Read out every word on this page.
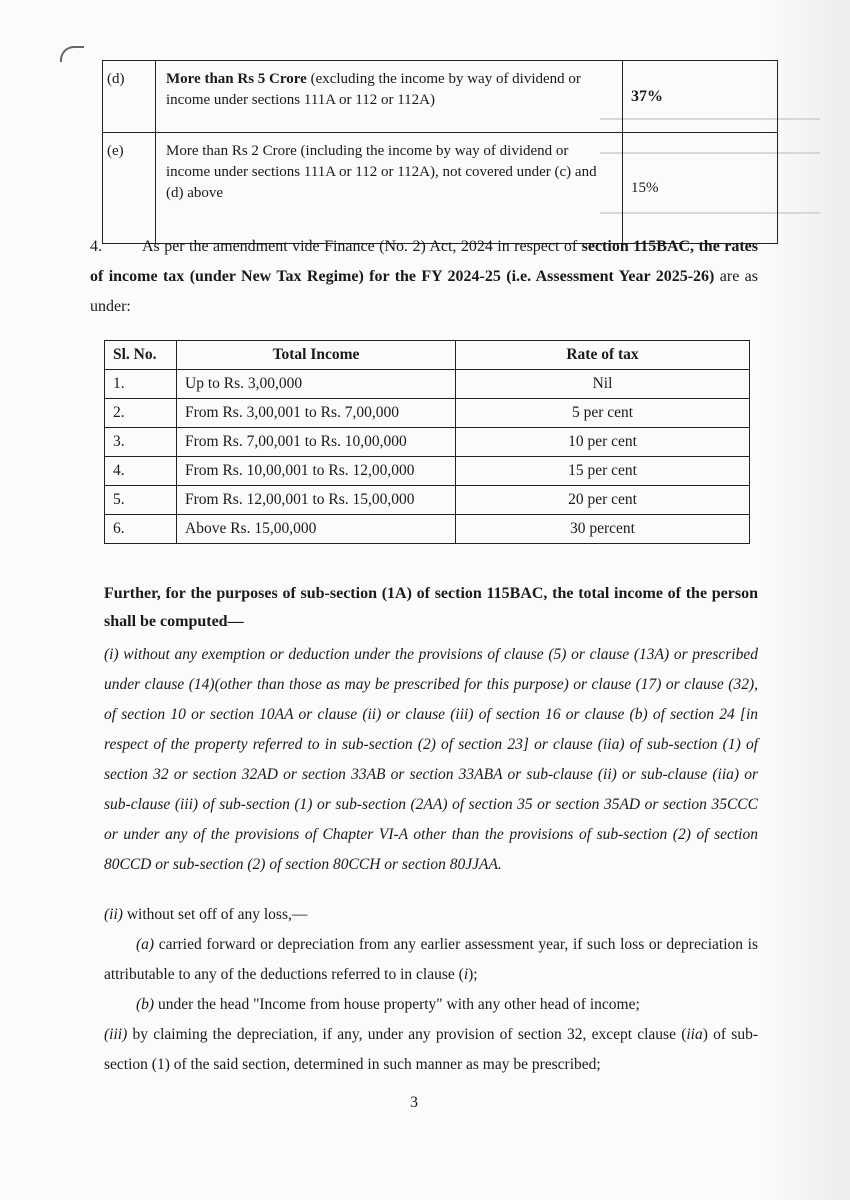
(d)	More than Rs 5 Crore (excluding the income by way of dividend or income under sections 111A or 112 or 112A)	37%
(e)	More than Rs 2 Crore (including the income by way of dividend or income under sections 111A or 112 or 112A), not covered under (c) and (d) above	15%
4.	As per the amendment vide Finance (No. 2) Act, 2024 in respect of section 115BAC, the rates of income tax (under New Tax Regime) for the FY 2024-25 (i.e. Assessment Year 2025-26) are as under:
Sl. No.	Total Income	Rate of tax
1.	Up to Rs. 3,00,000	Nil
2.	From Rs. 3,00,001 to Rs. 7,00,000	5 per cent
3.	From Rs. 7,00,001 to Rs. 10,00,000	10 per cent
4.	From Rs. 10,00,001 to Rs. 12,00,000	15 per cent
5.	From Rs. 12,00,001 to Rs. 15,00,000	20 per cent
6.	Above Rs. 15,00,000	30 percent
Further, for the purposes of sub-section (1A) of section 115BAC, the total income of the person shall be computed—
(i) without any exemption or deduction under the provisions of clause (5) or clause (13A) or prescribed under clause (14)(other than those as may be prescribed for this purpose) or clause (17) or clause (32), of section 10 or section 10AA or clause (ii) or clause (iii) of section 16 or clause (b) of section 24 [in respect of the property referred to in sub-section (2) of section 23] or clause (iia) of sub-section (1) of section 32 or section 32AD or section 33AB or section 33ABA or sub-clause (ii) or sub-clause (iia) or sub-clause (iii) of sub-section (1) or sub-section (2AA) of section 35 or section 35AD or section 35CCC or under any of the provisions of Chapter VI-A other than the provisions of sub-section (2) of section 80CCD or sub-section (2) of section 80CCH or section 80JJAA.
(ii) without set off of any loss,—
(a) carried forward or depreciation from any earlier assessment year, if such loss or depreciation is attributable to any of the deductions referred to in clause (i);
(b) under the head "Income from house property" with any other head of income;
(iii) by claiming the depreciation, if any, under any provision of section 32, except clause (iia) of sub-section (1) of the said section, determined in such manner as may be prescribed;
3
